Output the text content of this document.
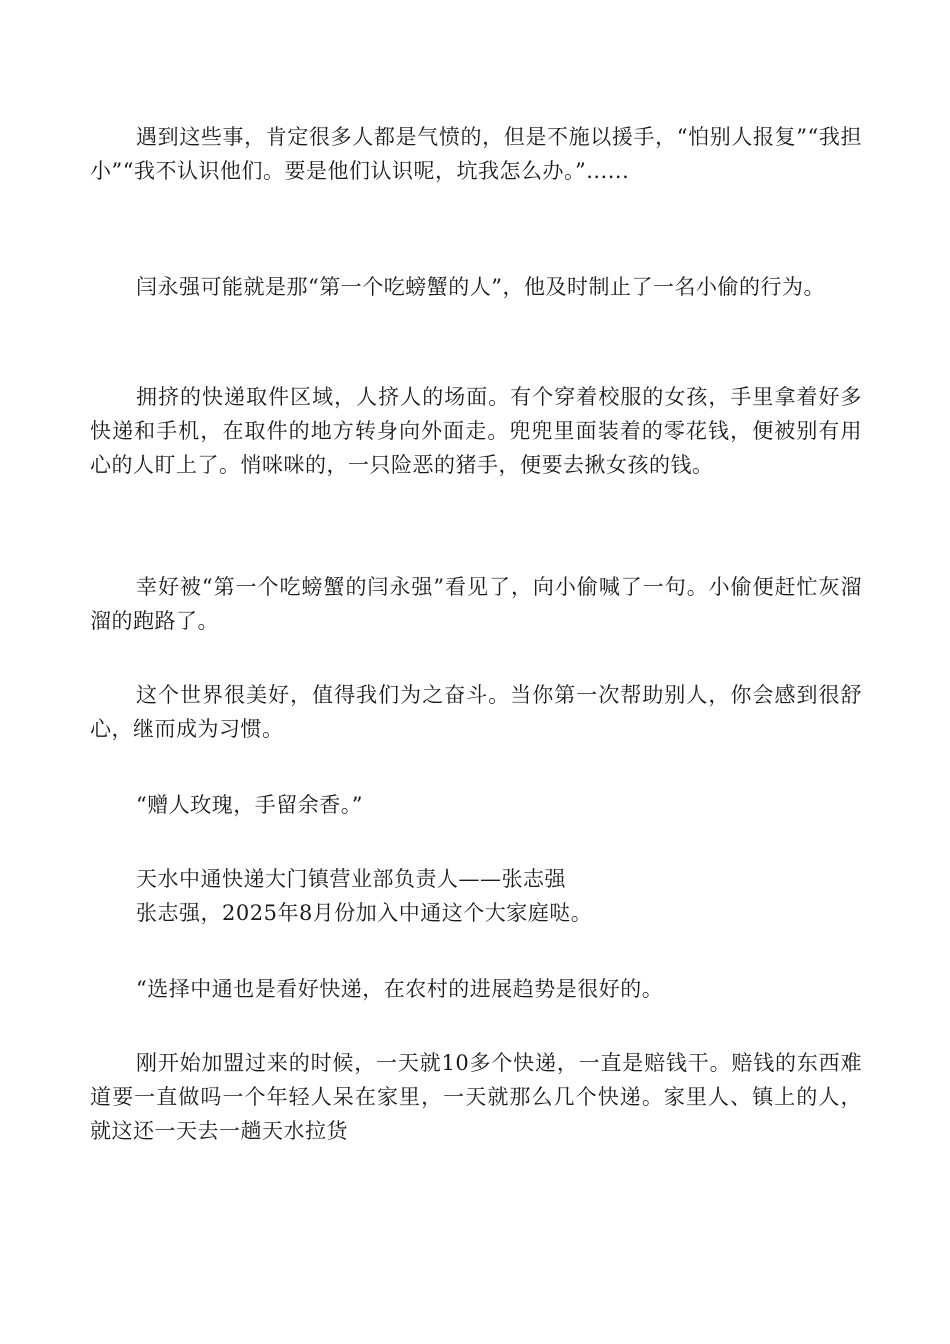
遇到这些事，肯定很多人都是气愤的，但是不施以援手，“怕别人报复”“我担小”“我不认识他们。要是他们认识呢，坑我怎么办。”......

闫永强可能就是那“第一个吃螃蟹的人”，他及时制止了一名小偷的行为。

拥挤的快递取件区域，人挤人的场面。有个穿着校服的女孩，手里拿着好多快递和手机，在取件的地方转身向外面走。兜兜里面装着的零花钱，便被别有用心的人盯上了。悄咪咪的，一只险恶的猪手，便要去揪女孩的钱。

幸好被“第一个吃螃蟹的闫永强”看见了，向小偷喊了一句。小偷便赶忙灰溜溜的跑路了。

这个世界很美好，值得我们为之奋斗。当你第一次帮助别人，你会感到很舒心，继而成为习惯。

“赠人玫瑰，手留余香。”

天水中通快递大门镇营业部负责人——张志强

张志强，2025年8月份加入中通这个大家庭哒。

“选择中通也是看好快递，在农村的进展趋势是很好的。

刚开始加盟过来的时候，一天就10多个快递，一直是赔钱干。赔钱的东西难道要一直做吗一个年轻人呆在家里，一天就那么几个快递。家里人、镇上的人，就这还一天去一趟天水拉货
